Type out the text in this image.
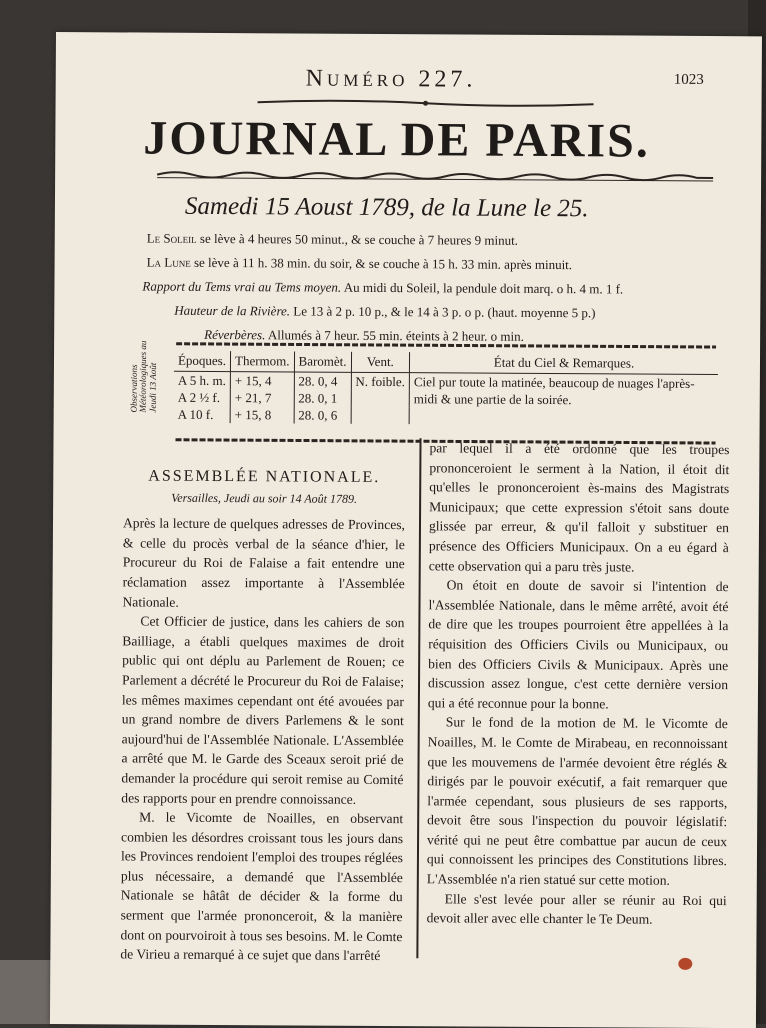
Numéro 227.	1023
JOURNAL DE PARIS.
Samedi 15 Aoust 1789, de la Lune le 25.
Le Soleil se lève à 4 heures 50 minut., & se couche à 7 heures 9 minut.
La Lune se lève à 11 h. 38 min. du soir, & se couche à 15 h. 33 min. après minuit.
Rapport du Tems vrai au Tems moyen. Au midi du Soleil, la pendule doit marq. o h. 4 m. 1 f.
Hauteur de la Rivière. Le 13 à 2 p. 10 p., & le 14 à 3 p. o p. (haut. moyenne 5 p.)
Réverbères. Allumés à 7 heur. 55 min. éteints à 2 heur. o min.
Observations Météorologiques au Jeudi 13 Août
Époques.	Thermom.	Baromèt.	Vent.	État du Ciel & Remarques.
A 5 h. m.	+ 15, 4	28. 0, 4	N. foible.	Ciel pur toute la matinée, beaucoup de nuages l'après-midi & une partie de la soirée.
A 2 ½ f.	+ 21, 7	28. 0, 1		
A 10 f.	+ 15, 8	28. 0, 6		
ASSEMBLÉE NATIONALE.
Versailles, Jeudi au soir 14 Août 1789.

Après la lecture de quelques adresses de Provinces, & celle du procès verbal de la séance d'hier, le Procureur du Roi de Falaise a fait entendre une réclamation assez importante à l'Assemblée Nationale.

Cet Officier de justice, dans les cahiers de son Bailliage, a établi quelques maximes de droit public qui ont déplu au Parlement de Rouen; ce Parlement a décrété le Procureur du Roi de Falaise; les mêmes maximes cependant ont été avouées par un grand nombre de divers Parlemens & le sont aujourd'hui de l'Assemblée Nationale. L'Assemblée a arrêté que M. le Garde des Sceaux seroit prié de demander la procédure qui seroit remise au Comité des rapports pour en prendre connoissance.

M. le Vicomte de Noailles, en observant combien les désordres croissant tous les jours dans les Provinces rendoient l'emploi des troupes réglées plus nécessaire, a demandé que l'Assemblée Nationale se hâtât de décider & la forme du serment que l'armée prononceroit, & la manière dont on pourvoiroit à tous ses besoins. M. le Comte de Virieu a remarqué à ce sujet que dans l'arrêté

par lequel il a été ordonné que les troupes prononceroient le serment à la Nation, il étoit dit qu'elles le prononceroient ès-mains des Magistrats Municipaux; que cette expression s'étoit sans doute glissée par erreur, & qu'il falloit y substituer en présence des Officiers Municipaux. On a eu égard à cette observation qui a paru très juste.

On étoit en doute de savoir si l'intention de l'Assemblée Nationale, dans le même arrêté, avoit été de dire que les troupes pourroient être appellées à la réquisition des Officiers Civils ou Municipaux, ou bien des Officiers Civils & Municipaux. Après une discussion assez longue, c'est cette dernière version qui a été reconnue pour la bonne.

Sur le fond de la motion de M. le Vicomte de Noailles, M. le Comte de Mirabeau, en reconnoissant que les mouvemens de l'armée devoient être réglés & dirigés par le pouvoir exécutif, a fait remarquer que l'armée cependant, sous plusieurs de ses rapports, devoit être sous l'inspection du pouvoir législatif: vérité qui ne peut être combattue par aucun de ceux qui connoissent les principes des Constitutions libres. L'Assemblée n'a rien statué sur cette motion.

Elle s'est levée pour aller se réunir au Roi qui devoit aller avec elle chanter le Te Deum.
